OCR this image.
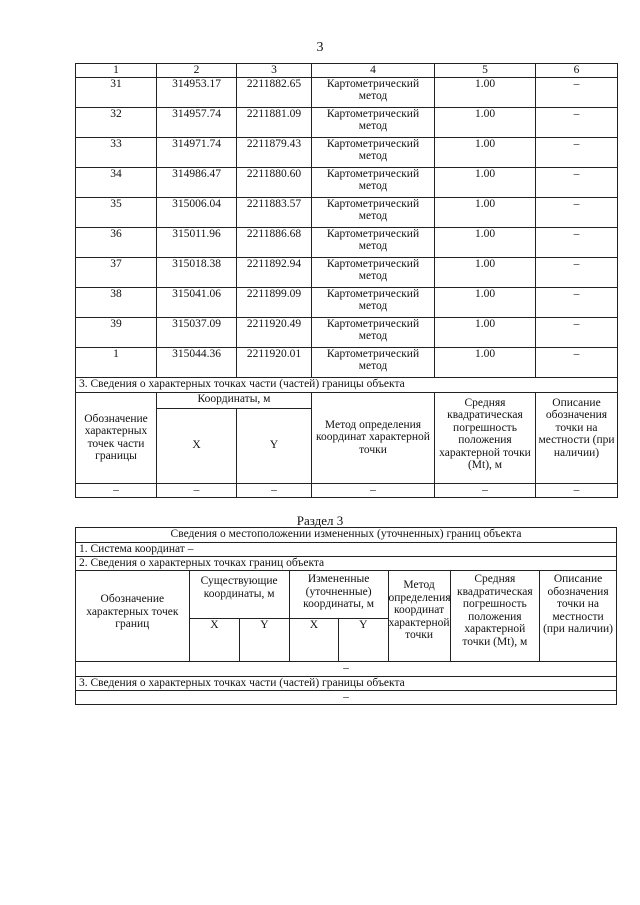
3
1	2	3	4	5	6
31	314953.17	2211882.65	Картометрический метод	1.00	–
32	314957.74	2211881.09	Картометрический метод	1.00	–
33	314971.74	2211879.43	Картометрический метод	1.00	–
34	314986.47	2211880.60	Картометрический метод	1.00	–
35	315006.04	2211883.57	Картометрический метод	1.00	–
36	315011.96	2211886.68	Картометрический метод	1.00	–
37	315018.38	2211892.94	Картометрический метод	1.00	–
38	315041.06	2211899.09	Картометрический метод	1.00	–
39	315037.09	2211920.49	Картометрический метод	1.00	–
1	315044.36	2211920.01	Картометрический метод	1.00	–
3. Сведения о характерных точках части (частей) границы объекта					
Обозначение характерных точек части границы	Координаты, м		Метод определения координат характерной точки	Средняя квадратическая погрешность положения характерной точки (Mt), м	Описание обозначения точки на местности (при наличии)
	X	Y			
–	–	–	–	–	–
Раздел 3
Сведения о местоположении измененных (уточненных) границ объекта							
1. Система координат –							
2. Сведения о характерных точках границ объекта							
Обозначение характерных точек границ	Существующие координаты, м		Измененные (уточненные) координаты, м		Метод определения координат характерной точки	Средняя квадратическая погрешность положения характерной точки (Mt), м	Описание обозначения точки на местности (при наличии)
	X	Y	X	Y			
–							
3. Сведения о характерных точках части (частей) границы объекта							
–							
